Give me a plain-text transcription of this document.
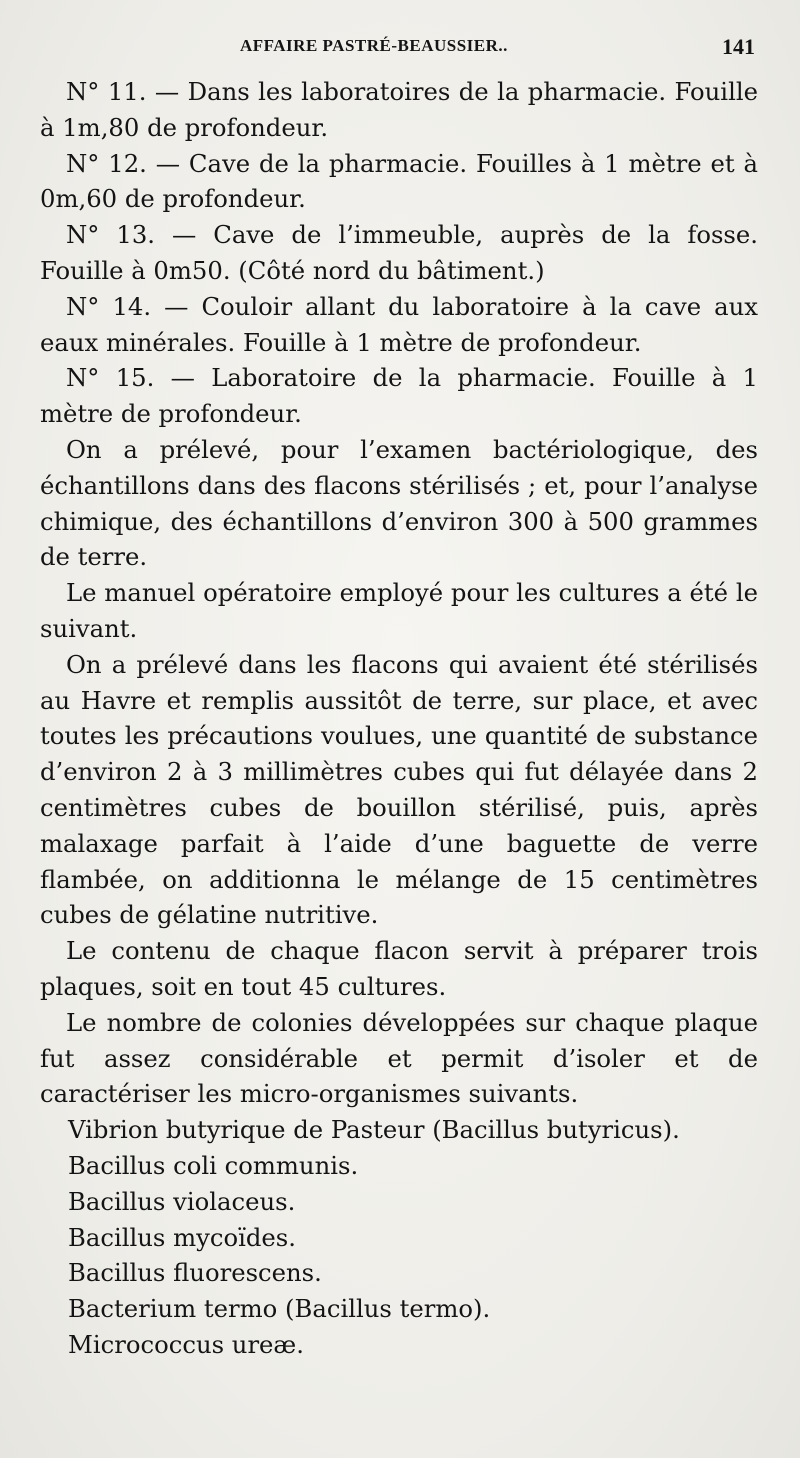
AFFAIRE PASTRÉ-BEAUSSIER..	141

N° 11. — Dans les laboratoires de la pharmacie. Fouille à 1m,80 de profondeur.

N° 12. — Cave de la pharmacie. Fouilles à 1 mètre et à 0m,60 de profondeur.

N° 13. — Cave de l’immeuble, auprès de la fosse. Fouille à 0m50. (Côté nord du bâtiment.)

N° 14. — Couloir allant du laboratoire à la cave aux eaux minérales. Fouille à 1 mètre de profondeur.

N° 15. — Laboratoire de la pharmacie. Fouille à 1 mètre de profondeur.

On a prélevé, pour l’examen bactériologique, des échantillons dans des flacons stérilisés ; et, pour l’analyse chimique, des échantillons d’environ 300 à 500 grammes de terre.

Le manuel opératoire employé pour les cultures a été le suivant.

On a prélevé dans les flacons qui avaient été stérilisés au Havre et remplis aussitôt de terre, sur place, et avec toutes les précautions voulues, une quantité de substance d’environ 2 à 3 millimètres cubes qui fut délayée dans 2 centimètres cubes de bouillon stérilisé, puis, après malaxage parfait à l’aide d’une baguette de verre flambée, on additionna le mélange de 15 centimètres cubes de gélatine nutritive.

Le contenu de chaque flacon servit à préparer trois plaques, soit en tout 45 cultures.

Le nombre de colonies développées sur chaque plaque fut assez considérable et permit d’isoler et de caractériser les micro-organismes suivants.

Vibrion butyrique de Pasteur (Bacillus butyricus).

Bacillus coli communis.

Bacillus violaceus.

Bacillus mycoïdes.

Bacillus fluorescens.

Bacterium termo (Bacillus termo).

Micrococcus ureæ.
